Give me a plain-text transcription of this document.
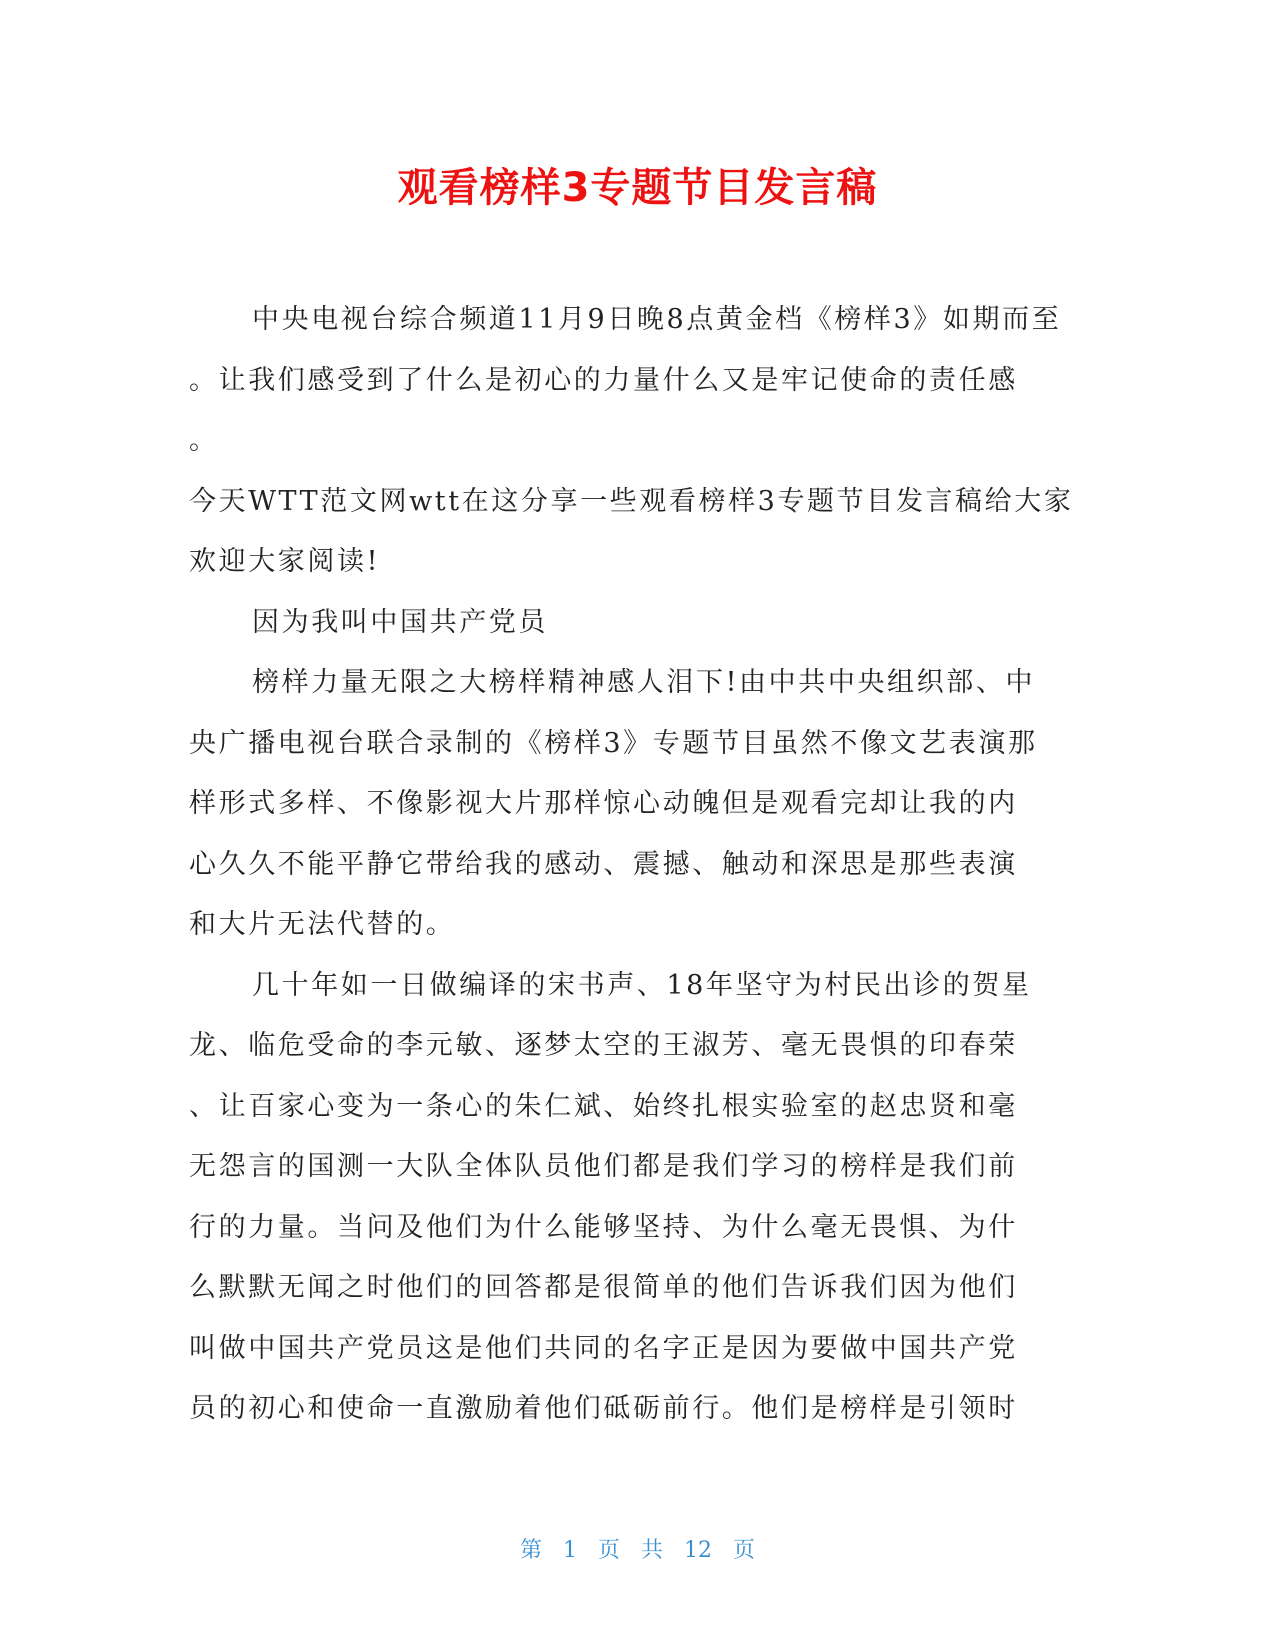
观看榜样3专题节目发言稿
中央电视台综合频道11月9日晚8点黄金档《榜样3》如期而至
。让我们感受到了什么是初心的力量什么又是牢记使命的责任感
。
今天WTT范文网wtt在这分享一些观看榜样3专题节目发言稿给大家
欢迎大家阅读!
因为我叫中国共产党员
榜样力量无限之大榜样精神感人泪下!由中共中央组织部、中
央广播电视台联合录制的《榜样3》专题节目虽然不像文艺表演那
样形式多样、不像影视大片那样惊心动魄但是观看完却让我的内
心久久不能平静它带给我的感动、震撼、触动和深思是那些表演
和大片无法代替的。
几十年如一日做编译的宋书声、18年坚守为村民出诊的贺星
龙、临危受命的李元敏、逐梦太空的王淑芳、毫无畏惧的印春荣
、让百家心变为一条心的朱仁斌、始终扎根实验室的赵忠贤和毫
无怨言的国测一大队全体队员他们都是我们学习的榜样是我们前
行的力量。当问及他们为什么能够坚持、为什么毫无畏惧、为什
么默默无闻之时他们的回答都是很简单的他们告诉我们因为他们
叫做中国共产党员这是他们共同的名字正是因为要做中国共产党
员的初心和使命一直激励着他们砥砺前行。他们是榜样是引领时
第 1 页 共 12 页
